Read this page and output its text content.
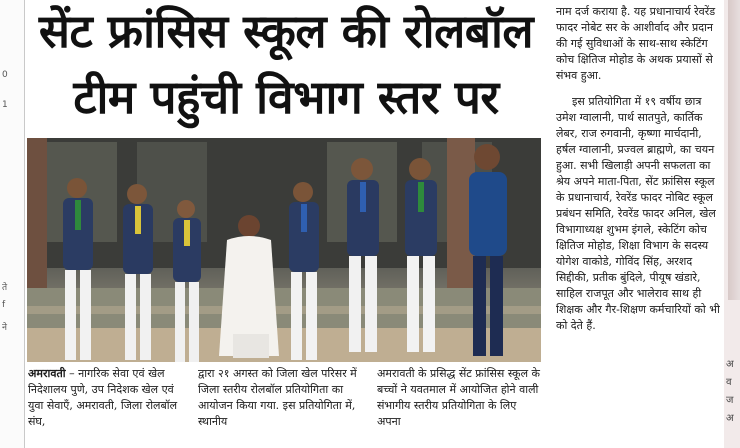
0
1
ते
f
ने
अ
व
ज
अ
सेंट फ्रांसिस स्कूल की रोलबॉल
टीम पहुंची विभाग स्तर पर

अमरावती – नागरिक सेवा एवं खेल निदेशालय पुणे, उप निदेशक खेल एवं युवा सेवाएँ, अमरावती, जिला रोलबॉल संघ,

द्वारा २१ अगस्त को जिला खेल परिसर में जिला स्तरीय रोलबॉल प्रतियोगिता का आयोजन किया गया. इस प्रतियोगिता में, स्थानीय

अमरावती के प्रसिद्ध सेंट फ्रांसिस स्कूल के बच्चों ने यवतमाल में आयोजित होने वाली संभागीय स्तरीय प्रतियोगिता के लिए अपना

नाम दर्ज कराया है. यह प्रधानाचार्य रेवरेंड फादर नोबेट सर के आशीर्वाद और प्रदान की गई सुविधाओं के साथ-साथ स्केटिंग कोच क्षितिज मोहोड के अथक प्रयासों से संभव हुआ.

इस प्रतियोगिता में १९ वर्षीय छात्र उमेश ग्वालानी, पार्थ सातपुते, कार्तिक लेबर, राज रुगवानी, कृष्णा मार्चदानी, हर्षल ग्वालानी, प्रज्वल ब्राह्मणे, का चयन हुआ. सभी खिलाड़ी अपनी सफलता का श्रेय अपने माता-पिता, सेंट फ्रांसिस स्कूल के प्रधानाचार्य, रेवरेंड फादर नोबिट स्कूल प्रबंधन समिति, रेवरेंड फादर अनिल, खेल विभागाध्यक्ष शुभम इंगले, स्केटिंग कोच क्षितिज मोहोड, शिक्षा विभाग के सदस्य योगेश वाकोडे, गोविंद सिंह, अरशद सिद्दीकी, प्रतीक बुंदिले, पीयूष खंडारे, साहिल राजपूत और भालेराव साथ ही शिक्षक और गैर-शिक्षण कर्मचारियों को भी को देते हैं.
